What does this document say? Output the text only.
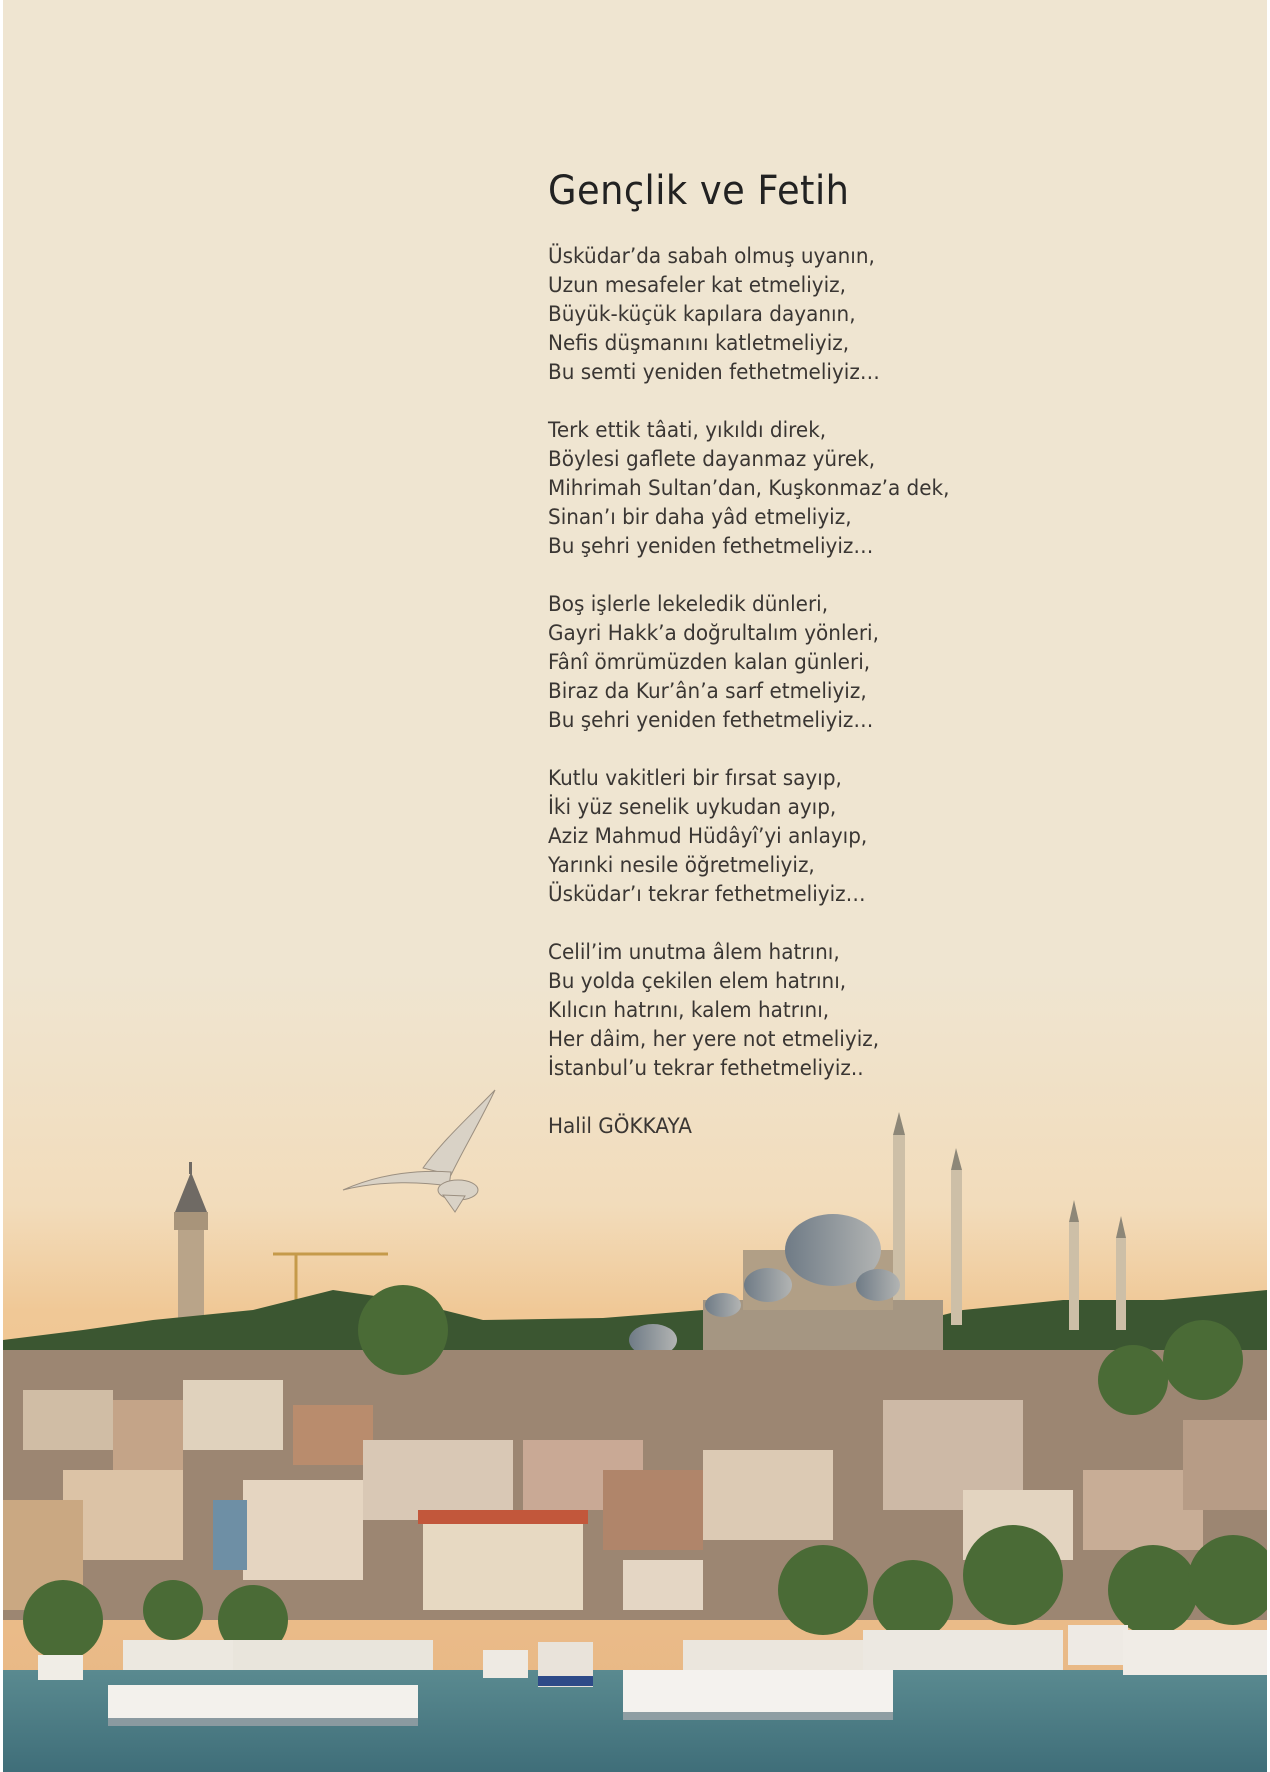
Gençlik ve Fetih
Üsküdar’da sabah olmuş uyanın,
Uzun mesafeler kat etmeliyiz,
Büyük-küçük kapılara dayanın,
Nefis düşmanını katletmeliyiz,
Bu semti yeniden fethetmeliyiz…
Terk ettik tâati, yıkıldı direk,
Böylesi gaflete dayanmaz yürek,
Mihrimah Sultan’dan, Kuşkonmaz’a dek,
Sinan’ı bir daha yâd etmeliyiz,
Bu şehri yeniden fethetmeliyiz…
Boş işlerle lekeledik dünleri,
Gayri Hakk’a doğrultalım yönleri,
Fânî ömrümüzden kalan günleri,
Biraz da Kur’ân’a sarf etmeliyiz,
Bu şehri yeniden fethetmeliyiz…
Kutlu vakitleri bir fırsat sayıp,
İki yüz senelik uykudan ayıp,
Aziz Mahmud Hüdâyî’yi anlayıp,
Yarınki nesile öğretmeliyiz,
Üsküdar’ı tekrar fethetmeliyiz…
Celil’im unutma âlem hatrını,
Bu yolda çekilen elem hatrını,
Kılıcın hatrını, kalem hatrını,
Her dâim, her yere not etmeliyiz,
İstanbul’u tekrar fethetmeliyiz..
Halil GÖKKAYA
